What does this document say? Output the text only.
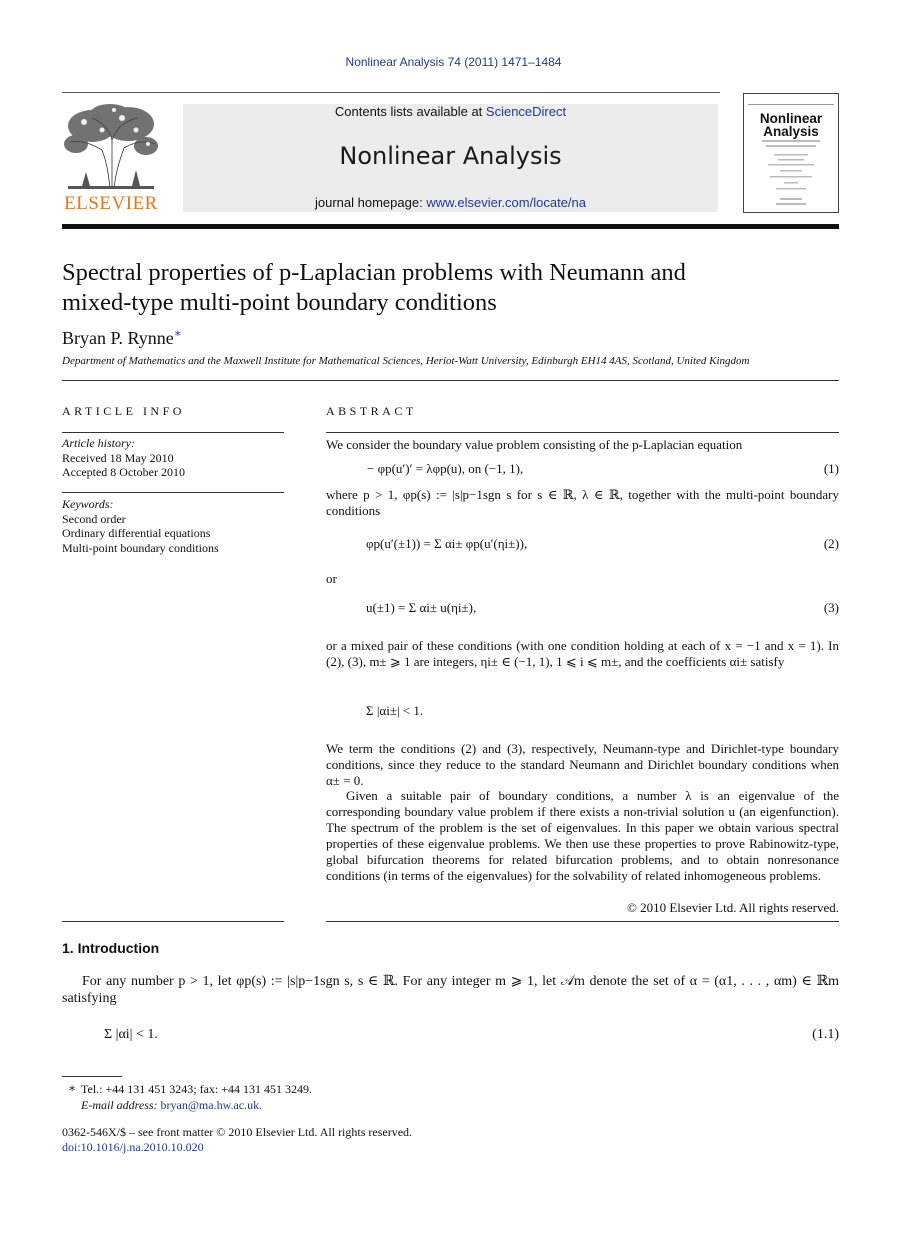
Nonlinear Analysis 74 (2011) 1471–1484
ELSEVIER
Contents lists available at ScienceDirect
Nonlinear Analysis
journal homepage: www.elsevier.com/locate/na
Nonlinear
Analysis
Spectral properties of p-Laplacian problems with Neumann and
mixed-type multi-point boundary conditions
Bryan P. Rynne∗
Department of Mathematics and the Maxwell Institute for Mathematical Sciences, Heriot-Watt University, Edinburgh EH14 4AS, Scotland, United Kingdom
ARTICLE INFO
Article history:
Received 18 May 2010
Accepted 8 October 2010
Keywords:
Second order
Ordinary differential equations
Multi-point boundary conditions
ABSTRACT
We consider the boundary value problem consisting of the p-Laplacian equation
− φp(u′)′ = λφp(u), on (−1, 1),	(1)
where p > 1, φp(s) := |s|p−1sgn s for s ∈ ℝ, λ ∈ ℝ, together with the multi-point boundary conditions
φp(u′(±1)) = Σ αi± φp(u′(ηi±)),	(2)
or
u(±1) = Σ αi± u(ηi±),	(3)
or a mixed pair of these conditions (with one condition holding at each of x = −1 and x = 1). In (2), (3), m± ⩾ 1 are integers, ηi± ∈ (−1, 1), 1 ⩽ i ⩽ m±, and the coefficients αi± satisfy
Σ |αi±| < 1.
We term the conditions (2) and (3), respectively, Neumann-type and Dirichlet-type boundary conditions, since they reduce to the standard Neumann and Dirichlet boundary conditions when α± = 0.
Given a suitable pair of boundary conditions, a number λ is an eigenvalue of the corresponding boundary value problem if there exists a non-trivial solution u (an eigenfunction). The spectrum of the problem is the set of eigenvalues. In this paper we obtain various spectral properties of these eigenvalue problems. We then use these properties to prove Rabinowitz-type, global bifurcation theorems for related bifurcation problems, and to obtain nonresonance conditions (in terms of the eigenvalues) for the solvability of related inhomogeneous problems.
© 2010 Elsevier Ltd. All rights reserved.
1. Introduction
For any number p > 1, let φp(s) := |s|p−1sgn s, s ∈ ℝ. For any integer m ⩾ 1, let 𝒜m denote the set of α = (α1, . . . , αm) ∈ ℝm satisfying
Σ |αi| < 1.	(1.1)
∗ Tel.: +44 131 451 3243; fax: +44 131 451 3249.
E-mail address: bryan@ma.hw.ac.uk.
0362-546X/$ – see front matter © 2010 Elsevier Ltd. All rights reserved.
doi:10.1016/j.na.2010.10.020
